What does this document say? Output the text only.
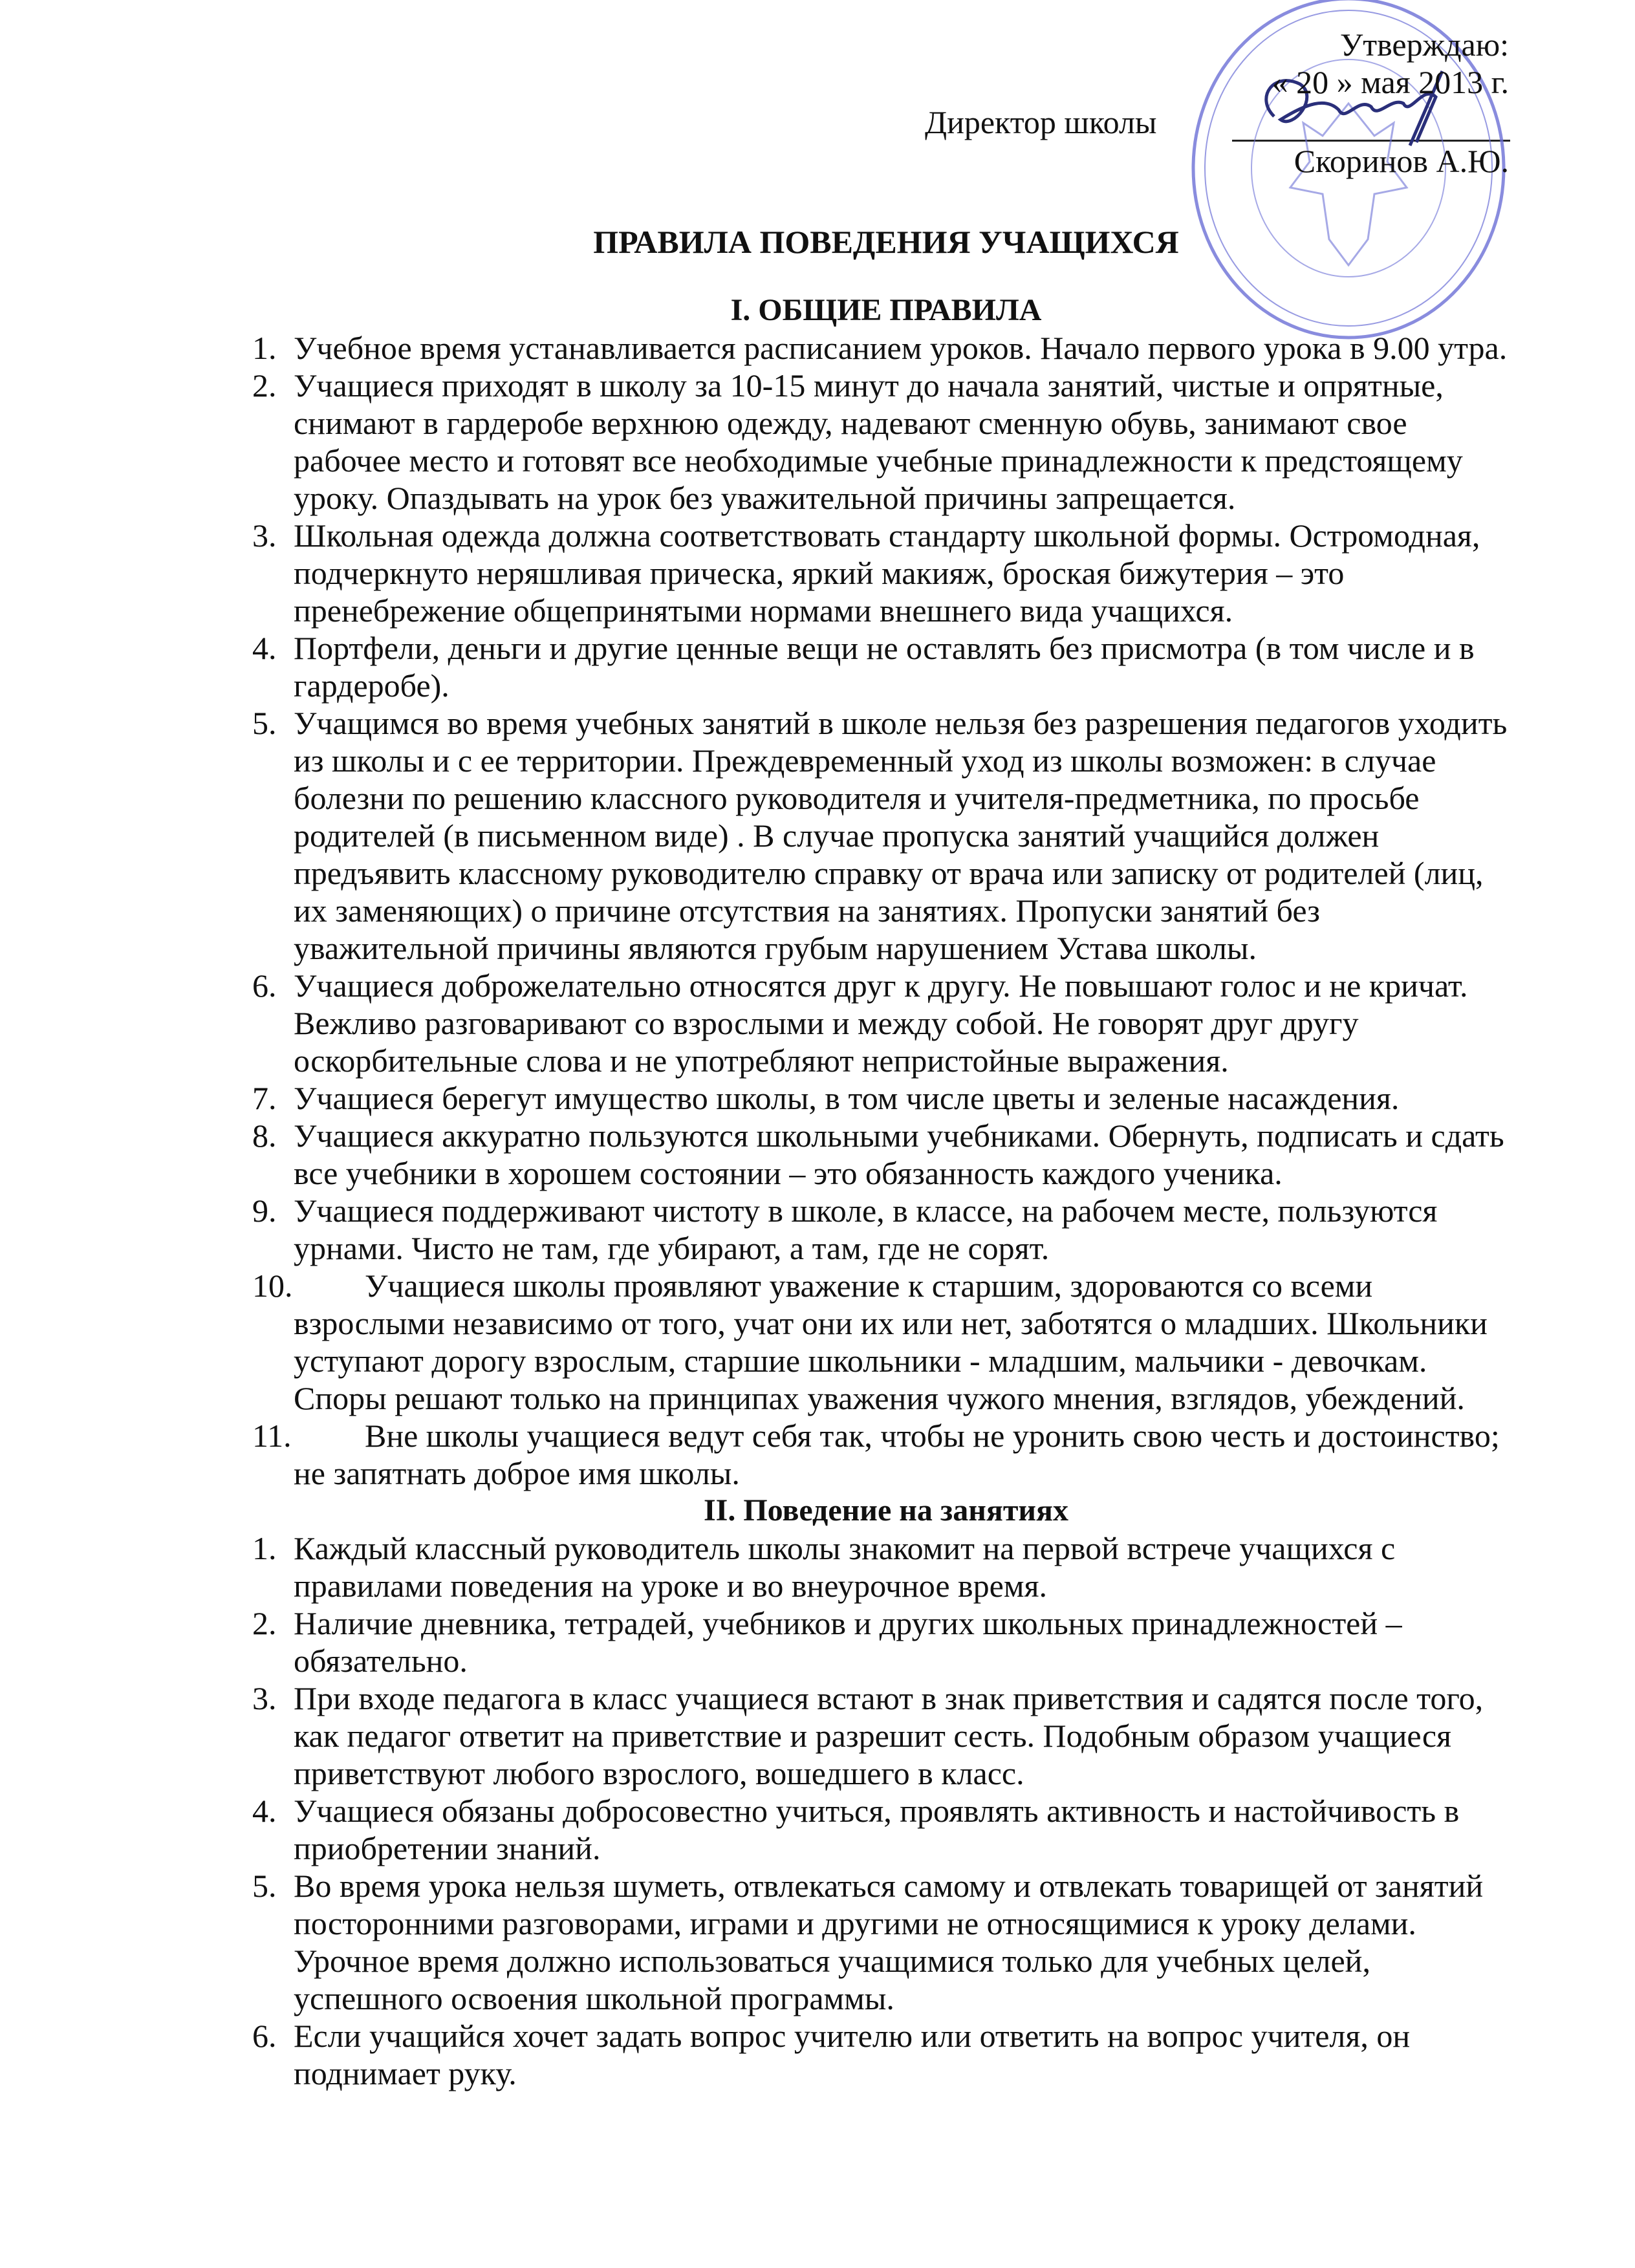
Утверждаю:
« 20 » мая 2013 г.
Директор школы
Скоринов А.Ю.
ПРАВИЛА ПОВЕДЕНИЯ УЧАЩИХСЯ
I. ОБЩИЕ ПРАВИЛА
1. Учебное время устанавливается расписанием уроков. Начало первого урока в 9.00 утра.
2. Учащиеся приходят в школу за 10-15 минут до начала занятий, чистые и опрятные, снимают в гардеробе верхнюю одежду, надевают сменную обувь, занимают свое рабочее место и готовят все необходимые учебные принадлежности к предстоящему уроку. Опаздывать на урок без уважительной причины запрещается.
3. Школьная одежда должна соответствовать стандарту школьной формы. Остромодная, подчеркнуто неряшливая прическа, яркий макияж, броская бижутерия – это пренебрежение общепринятыми нормами внешнего вида учащихся.
4. Портфели, деньги и другие ценные вещи не оставлять без присмотра (в том числе и в гардеробе).
5. Учащимся во время учебных занятий в школе нельзя без разрешения педагогов уходить из школы и с ее территории. Преждевременный уход из школы возможен: в случае болезни по решению классного руководителя и учителя-предметника, по просьбе родителей (в письменном виде) . В случае пропуска занятий учащийся должен предъявить классному руководителю справку от врача или записку от родителей (лиц, их заменяющих) о причине отсутствия на занятиях. Пропуски занятий без уважительной причины являются грубым нарушением Устава школы.
6. Учащиеся доброжелательно относятся друг к другу. Не повышают голос и не кричат. Вежливо разговаривают со взрослыми и между собой. Не говорят друг другу оскорбительные слова и не употребляют непристойные выражения.
7. Учащиеся берегут имущество школы, в том числе цветы и зеленые насаждения.
8. Учащиеся аккуратно пользуются школьными учебниками. Обернуть, подписать и сдать все учебники в хорошем состоянии – это обязанность каждого ученика.
9. Учащиеся поддерживают чистоту в школе, в классе, на рабочем месте, пользуются урнами. Чисто не там, где убирают, а там, где не сорят.
10.	Учащиеся школы проявляют уважение к старшим, здороваются со всеми взрослыми независимо от того, учат они их или нет, заботятся о младших. Школьники уступают дорогу взрослым, старшие школьники - младшим, мальчики - девочкам. Споры решают только на принципах уважения чужого мнения, взглядов, убеждений.
11.	Вне школы учащиеся ведут себя так, чтобы не уронить свою честь и достоинство; не запятнать доброе имя школы.
II. Поведение на занятиях
1. Каждый классный руководитель школы знакомит на первой встрече учащихся с правилами поведения на уроке и во внеурочное время.
2. Наличие дневника, тетрадей, учебников и других школьных принадлежностей – обязательно.
3. При входе педагога в класс учащиеся встают в знак приветствия и садятся после того, как педагог ответит на приветствие и разрешит сесть. Подобным образом учащиеся приветствуют любого взрослого, вошедшего в класс.
4. Учащиеся обязаны добросовестно учиться, проявлять активность и настойчивость в приобретении знаний.
5. Во время урока нельзя шуметь, отвлекаться самому и отвлекать товарищей от занятий посторонними разговорами, играми и другими не относящимися к уроку делами. Урочное время должно использоваться учащимися только для учебных целей, успешного освоения школьной программы.
6. Если учащийся хочет задать вопрос учителю или ответить на вопрос учителя, он поднимает руку.
